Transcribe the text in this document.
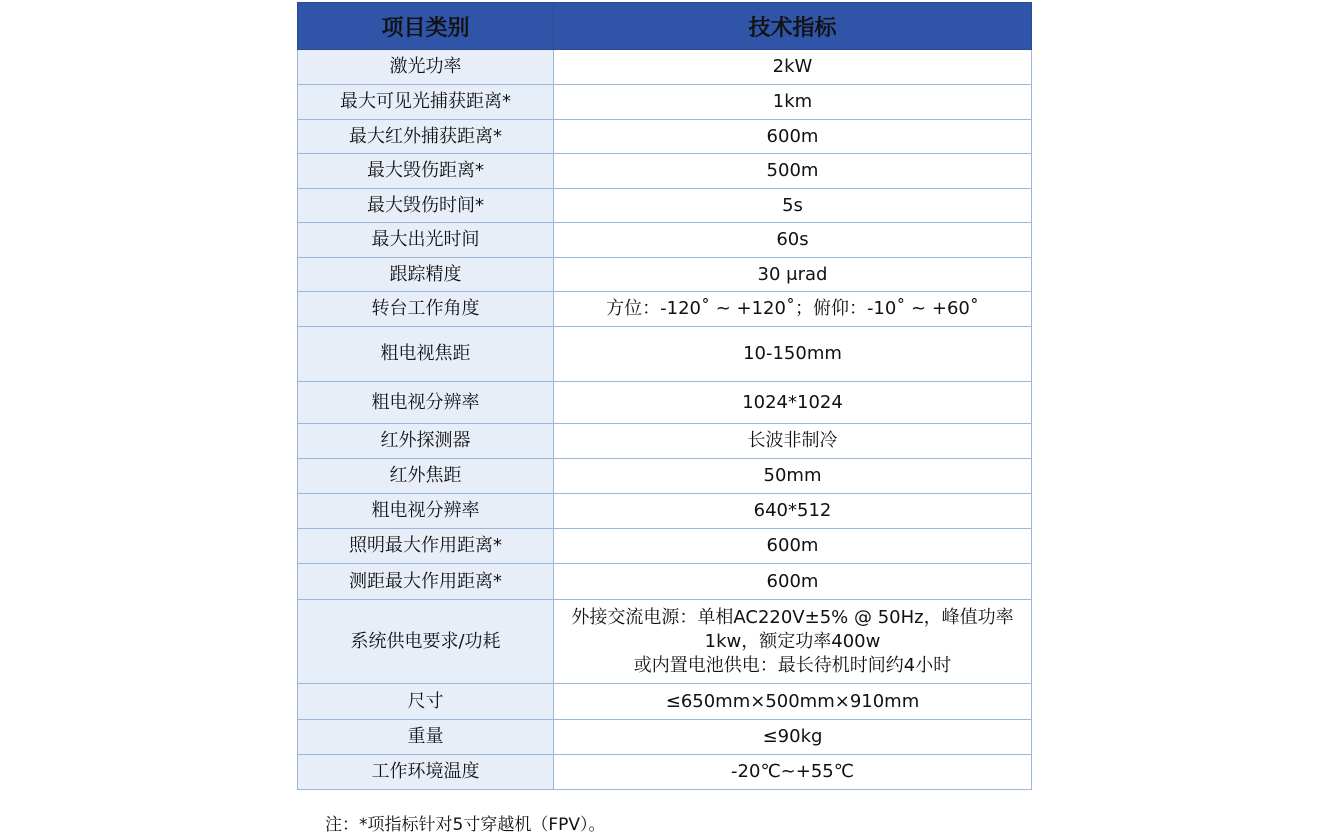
项目类别	技术指标
激光功率	2kW
最大可见光捕获距离*	1km
最大红外捕获距离*	600m
最大毁伤距离*	500m
最大毁伤时间*	5s
最大出光时间	60s
跟踪精度	30 μrad
转台工作角度	方位：-120˚ ~ +120˚；俯仰：-10˚ ~ +60˚
粗电视焦距	10-150mm
粗电视分辨率	1024*1024
红外探测器	长波非制冷
红外焦距	50mm
粗电视分辨率	640*512
照明最大作用距离*	600m
测距最大作用距离*	600m
系统供电要求/功耗	外接交流电源：单相AC220V±5% @ 50Hz，峰值功率
1kw，额定功率400w
或内置电池供电：最长待机时间约4小时

尺寸	≤650mm×500mm×910mm
重量	≤90kg
工作环境温度	-20℃~+55℃
注：*项指标针对5寸穿越机（FPV）。
